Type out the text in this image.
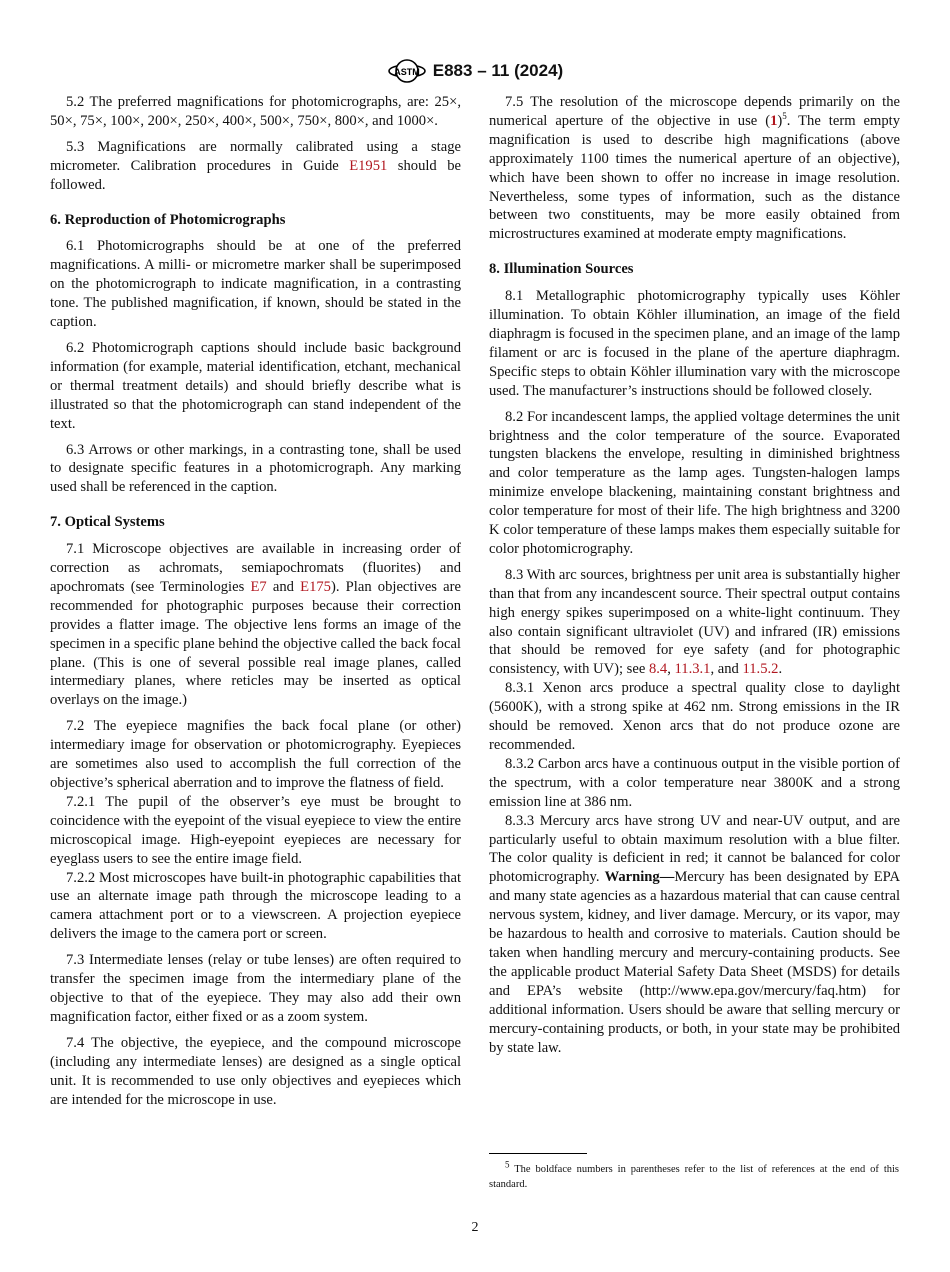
ASTM E883 – 11 (2024)
5.2 The preferred magnifications for photomicrographs, are: 25×, 50×, 75×, 100×, 200×, 250×, 400×, 500×, 750×, 800×, and 1000×.
5.3 Magnifications are normally calibrated using a stage micrometer. Calibration procedures in Guide E1951 should be followed.
6. Reproduction of Photomicrographs
6.1 Photomicrographs should be at one of the preferred magnifications. A milli- or micrometre marker shall be superimposed on the photomicrograph to indicate magnification, in a contrasting tone. The published magnification, if known, should be stated in the caption.
6.2 Photomicrograph captions should include basic background information (for example, material identification, etchant, mechanical or thermal treatment details) and should briefly describe what is illustrated so that the photomicrograph can stand independent of the text.
6.3 Arrows or other markings, in a contrasting tone, shall be used to designate specific features in a photomicrograph. Any marking used shall be referenced in the caption.
7. Optical Systems
7.1 Microscope objectives are available in increasing order of correction as achromats, semiapochromats (fluorites) and apochromats (see Terminologies E7 and E175). Plan objectives are recommended for photographic purposes because their correction provides a flatter image. The objective lens forms an image of the specimen in a specific plane behind the objective called the back focal plane. (This is one of several possible real image planes, called intermediary planes, where reticles may be inserted as optical overlays on the image.)
7.2 The eyepiece magnifies the back focal plane (or other) intermediary image for observation or photomicrography. Eyepieces are sometimes also used to accomplish the full correction of the objective’s spherical aberration and to improve the flatness of field.
7.2.1 The pupil of the observer’s eye must be brought to coincidence with the eyepoint of the visual eyepiece to view the entire microscopical image. High-eyepoint eyepieces are necessary for eyeglass users to see the entire image field.
7.2.2 Most microscopes have built-in photographic capabilities that use an alternate image path through the microscope leading to a camera attachment port or to a viewscreen. A projection eyepiece delivers the image to the camera port or screen.
7.3 Intermediate lenses (relay or tube lenses) are often required to transfer the specimen image from the intermediary plane of the objective to that of the eyepiece. They may also add their own magnification factor, either fixed or as a zoom system.
7.4 The objective, the eyepiece, and the compound microscope (including any intermediate lenses) are designed as a single optical unit. It is recommended to use only objectives and eyepieces which are intended for the microscope in use.
7.5 The resolution of the microscope depends primarily on the numerical aperture of the objective in use $(1)^5$. The term empty magnification is used to describe high magnifications (above approximately 1100 times the numerical aperture of an objective), which have been shown to offer no increase in image resolution. Nevertheless, some types of information, such as the distance between two constituents, may be more easily obtained from microstructures examined at moderate empty magnifications.
8. Illumination Sources
8.1 Metallographic photomicrography typically uses Köhler illumination. To obtain Köhler illumination, an image of the field diaphragm is focused in the specimen plane, and an image of the lamp filament or arc is focused in the plane of the aperture diaphragm. Specific steps to obtain Köhler illumination vary with the microscope used. The manufacturer’s instructions should be followed closely.
8.2 For incandescent lamps, the applied voltage determines the unit brightness and the color temperature of the source. Evaporated tungsten blackens the envelope, resulting in diminished brightness and color temperature as the lamp ages. Tungsten-halogen lamps minimize envelope blackening, maintaining constant brightness and color temperature for most of their life. The high brightness and 3200 K color temperature of these lamps makes them especially suitable for color photomicrography.
8.3 With arc sources, brightness per unit area is substantially higher than that from any incandescent source. Their spectral output contains high energy spikes superimposed on a white-light continuum. They also contain significant ultraviolet (UV) and infrared (IR) emissions that should be removed for eye safety (and for photographic consistency, with UV); see 8.4, 11.3.1, and 11.5.2.
8.3.1 Xenon arcs produce a spectral quality close to daylight (5600K), with a strong spike at 462 nm. Strong emissions in the IR should be removed. Xenon arcs that do not produce ozone are recommended.
8.3.2 Carbon arcs have a continuous output in the visible portion of the spectrum, with a color temperature near 3800K and a strong emission line at 386 nm.
8.3.3 Mercury arcs have strong UV and near-UV output, and are particularly useful to obtain maximum resolution with a blue filter. The color quality is deficient in red; it cannot be balanced for color photomicrography. Warning—Mercury has been designated by EPA and many state agencies as a hazardous material that can cause central nervous system, kidney, and liver damage. Mercury, or its vapor, may be hazardous to health and corrosive to materials. Caution should be taken when handling mercury and mercury-containing products. See the applicable product Material Safety Data Sheet (MSDS) for details and EPA’s website (http://www.epa.gov/mercury/faq.htm) for additional information. Users should be aware that selling mercury or mercury-containing products, or both, in your state may be prohibited by state law.
$^5$ The boldface numbers in parentheses refer to the list of references at the end of this standard.
2
